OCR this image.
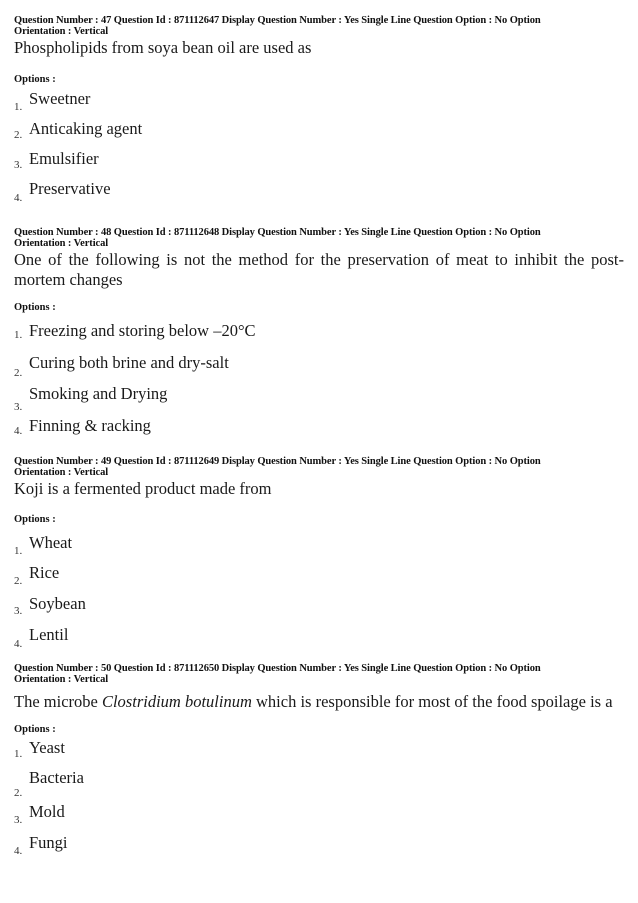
Question Number : 47 Question Id : 871112647 Display Question Number : Yes Single Line Question Option : No Option
Orientation : Vertical
Phospholipids from soya bean oil are used as
Options :
Sweetner
1.
Anticaking agent
2.
Emulsifier
3.
Preservative
4.
Question Number : 48 Question Id : 871112648 Display Question Number : Yes Single Line Question Option : No Option
Orientation : Vertical
One of the following is not the method for the preservation of meat to inhibit the post-mortem changes
Options :
Freezing and storing below –20°C
1.
Curing both brine and dry-salt
2.
Smoking and Drying
3.
Finning & racking
4.
Question Number : 49 Question Id : 871112649 Display Question Number : Yes Single Line Question Option : No Option
Orientation : Vertical
Koji is a fermented product made from
Options :
Wheat
1.
Rice
2.
Soybean
3.
Lentil
4.
Question Number : 50 Question Id : 871112650 Display Question Number : Yes Single Line Question Option : No Option
Orientation : Vertical
The microbe Clostridium botulinum which is responsible for most of the food spoilage is a
Options :
Yeast
1.
Bacteria
2.
Mold
3.
Fungi
4.
